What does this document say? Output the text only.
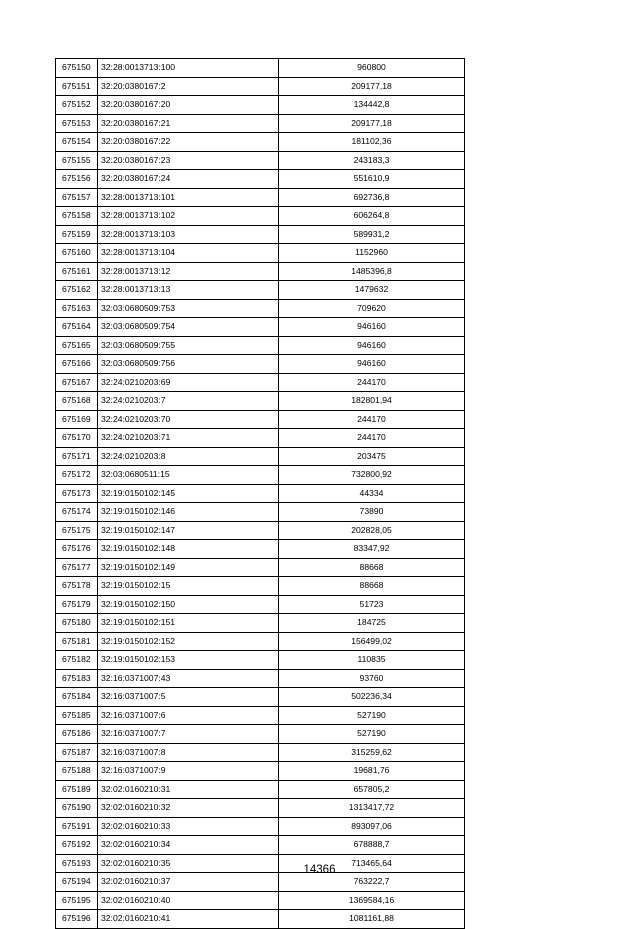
675150	32:28:0013713:100	960800
675151	32:20:0380167:2	209177,18
675152	32:20:0380167:20	134442,8
675153	32:20:0380167:21	209177,18
675154	32:20:0380167:22	181102,36
675155	32:20:0380167:23	243183,3
675156	32:20:0380167:24	551610,9
675157	32:28:0013713:101	692736,8
675158	32:28:0013713:102	606264,8
675159	32:28:0013713:103	589931,2
675160	32:28:0013713:104	1152960
675161	32:28:0013713:12	1485396,8
675162	32:28:0013713:13	1479632
675163	32:03:0680509:753	709620
675164	32:03:0680509:754	946160
675165	32:03:0680509:755	946160
675166	32:03:0680509:756	946160
675167	32:24:0210203:69	244170
675168	32:24:0210203:7	182801,94
675169	32:24:0210203:70	244170
675170	32:24:0210203:71	244170
675171	32:24:0210203:8	203475
675172	32:03:0680511:15	732800,92
675173	32:19:0150102:145	44334
675174	32:19:0150102:146	73890
675175	32:19:0150102:147	202828,05
675176	32:19:0150102:148	83347,92
675177	32:19:0150102:149	88668
675178	32:19:0150102:15	88668
675179	32:19:0150102:150	51723
675180	32:19:0150102:151	184725
675181	32:19:0150102:152	156499,02
675182	32:19:0150102:153	110835
675183	32:16:0371007:43	93760
675184	32:16:0371007:5	502236,34
675185	32:16:0371007:6	527190
675186	32:16:0371007:7	527190
675187	32:16:0371007:8	315259,62
675188	32:16:0371007:9	19681,76
675189	32:02:0160210:31	657805,2
675190	32:02:0160210:32	1313417,72
675191	32:02:0160210:33	893097,06
675192	32:02:0160210:34	678888,7
675193	32:02:0160210:35	713465,64
675194	32:02:0160210:37	763222,7
675195	32:02:0160210:40	1369584,16
675196	32:02:0160210:41	1081161,88
14366
